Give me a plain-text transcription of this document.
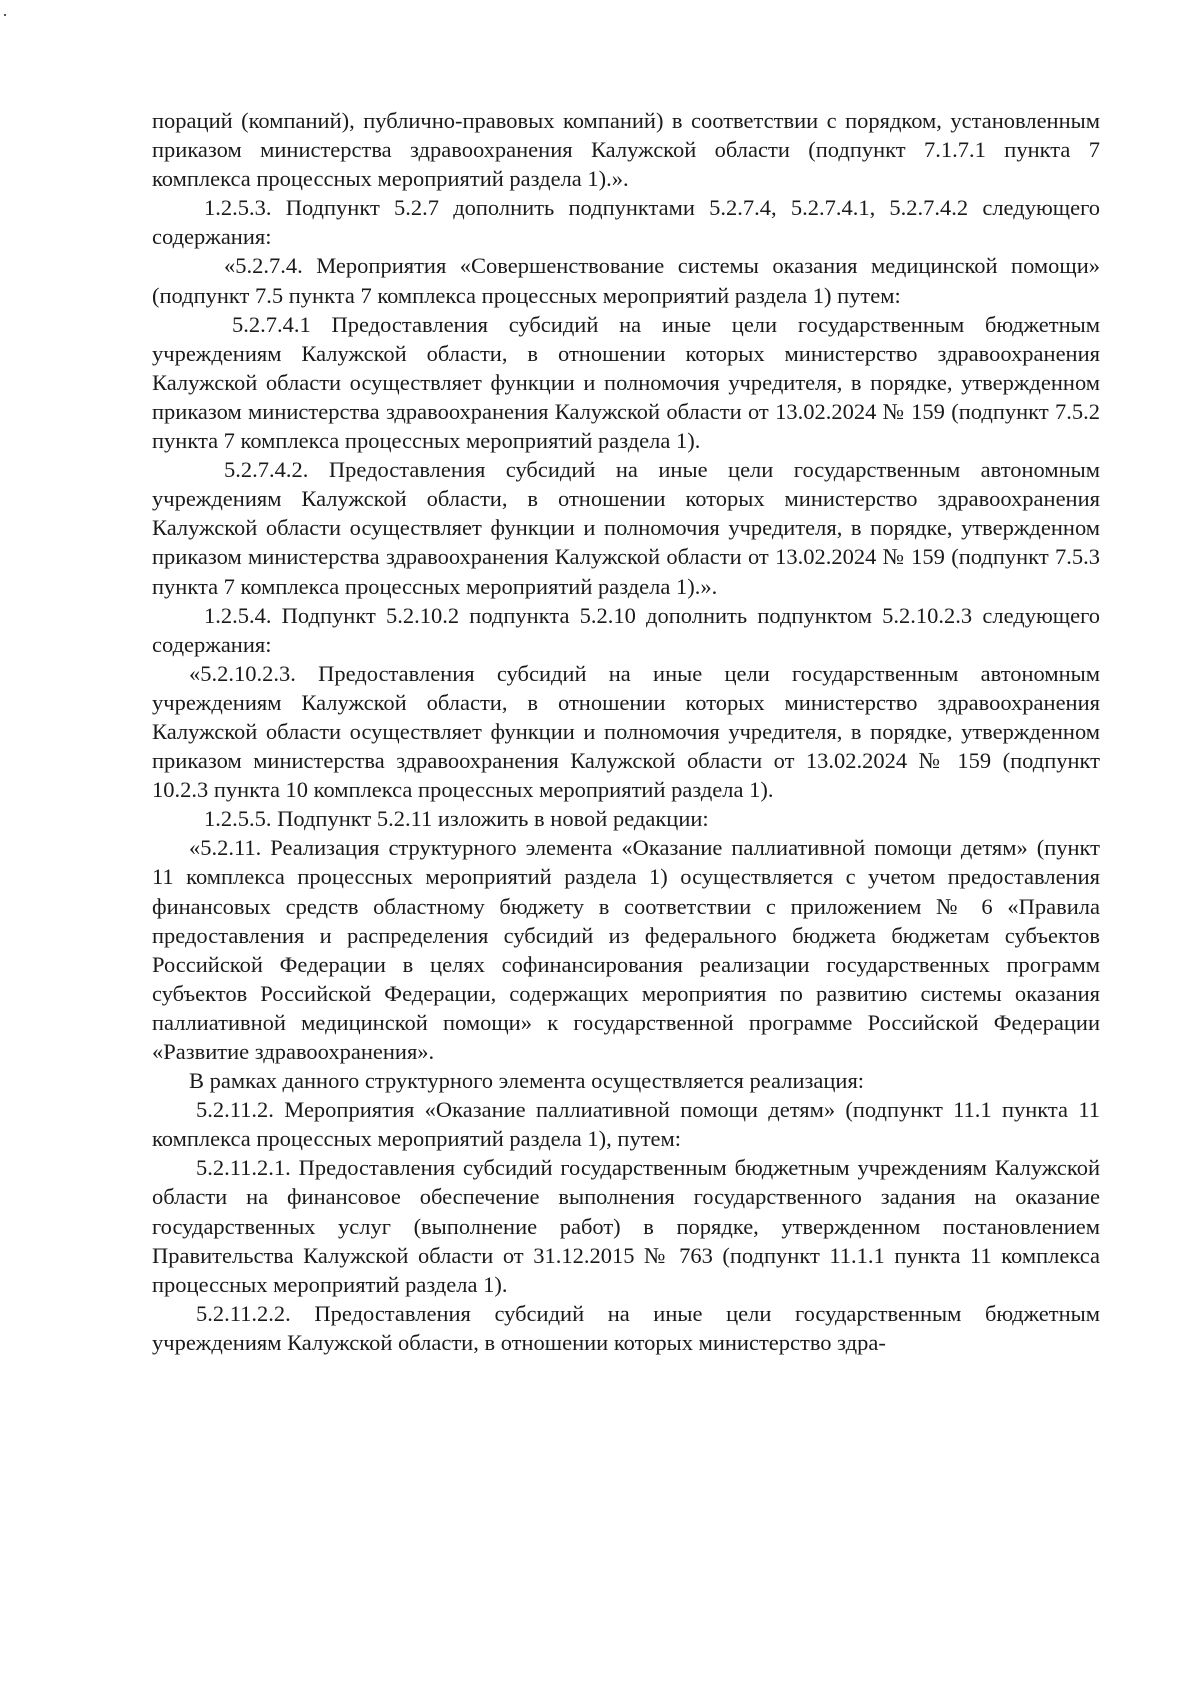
пораций (компаний), публично-правовых компаний) в соответствии с порядком, установленным приказом министерства здравоохранения Калужской области (подпункт 7.1.7.1 пункта 7 комплекса процессных мероприятий раздела 1).».

1.2.5.3. Подпункт 5.2.7 дополнить подпунктами 5.2.7.4, 5.2.7.4.1, 5.2.7.4.2 следующего содержания:

«5.2.7.4. Мероприятия «Совершенствование системы оказания медицинской помощи» (подпункт 7.5 пункта 7 комплекса процессных мероприятий раздела 1) путем:

5.2.7.4.1 Предоставления субсидий на иные цели государственным бюджетным учреждениям Калужской области, в отношении которых министерство здравоохранения Калужской области осуществляет функции и полномочия учредителя, в порядке, утвержденном приказом министерства здравоохранения Калужской области от 13.02.2024 № 159 (подпункт 7.5.2 пункта 7 комплекса процессных мероприятий раздела 1).

5.2.7.4.2. Предоставления субсидий на иные цели государственным автономным учреждениям Калужской области, в отношении которых министерство здравоохранения Калужской области осуществляет функции и полномочия учредителя, в порядке, утвержденном приказом министерства здравоохранения Калужской области от 13.02.2024 № 159 (подпункт 7.5.3 пункта 7 комплекса процессных мероприятий раздела 1).».

1.2.5.4. Подпункт 5.2.10.2 подпункта 5.2.10 дополнить подпунктом 5.2.10.2.3 следующего содержания:

«5.2.10.2.3. Предоставления субсидий на иные цели государственным автономным учреждениям Калужской области, в отношении которых министерство здравоохранения Калужской области осуществляет функции и полномочия учредителя, в порядке, утвержденном приказом министерства здравоохранения Калужской области от 13.02.2024 № 159 (подпункт 10.2.3 пункта 10 комплекса процессных мероприятий раздела 1).

1.2.5.5. Подпункт 5.2.11 изложить в новой редакции:

«5.2.11. Реализация структурного элемента «Оказание паллиативной помощи детям» (пункт 11 комплекса процессных мероприятий раздела 1) осуществляется с учетом предоставления финансовых средств областному бюджету в соответствии с приложением № 6 «Правила предоставления и распределения субсидий из федерального бюджета бюджетам субъектов Российской Федерации в целях софинансирования реализации государственных программ субъектов Российской Федерации, содержащих мероприятия по развитию системы оказания паллиативной медицинской помощи» к государственной программе Российской Федерации «Развитие здравоохранения».

В рамках данного структурного элемента осуществляется реализация:

5.2.11.2. Мероприятия «Оказание паллиативной помощи детям» (подпункт 11.1 пункта 11 комплекса процессных мероприятий раздела 1), путем:

5.2.11.2.1. Предоставления субсидий государственным бюджетным учреждениям Калужской области на финансовое обеспечение выполнения государственного задания на оказание государственных услуг (выполнение работ) в порядке, утвержденном постановлением Правительства Калужской области от 31.12.2015 № 763 (подпункт 11.1.1 пункта 11 комплекса процессных мероприятий раздела 1).

5.2.11.2.2. Предоставления субсидий на иные цели государственным бюджетным учреждениям Калужской области, в отношении которых министерство здра-
